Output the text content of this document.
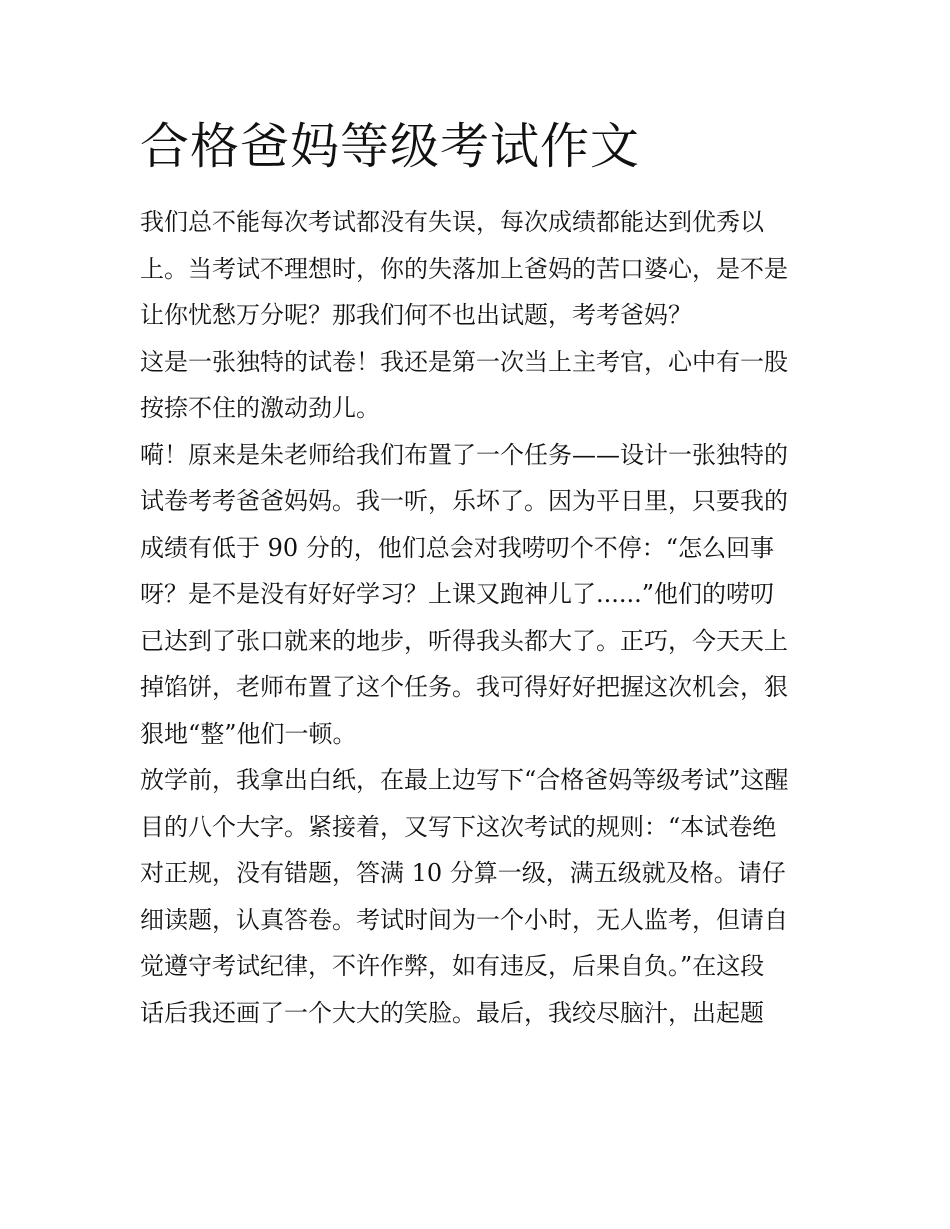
合格爸妈等级考试作文
我们总不能每次考试都没有失误，每次成绩都能达到优秀以
上。当考试不理想时，你的失落加上爸妈的苦口婆心，是不是
让你忧愁万分呢？那我们何不也出试题，考考爸妈？
这是一张独特的试卷！我还是第一次当上主考官，心中有一股
按捺不住的激动劲儿。
嗬！原来是朱老师给我们布置了一个任务——设计一张独特的
试卷考考爸爸妈妈。我一听，乐坏了。因为平日里，只要我的
成绩有低于 90 分的，他们总会对我唠叨个不停：“怎么回事
呀？是不是没有好好学习？上课又跑神儿了......”他们的唠叨
已达到了张口就来的地步，听得我头都大了。正巧，今天天上
掉馅饼，老师布置了这个任务。我可得好好把握这次机会，狠
狠地“整”他们一顿。
放学前，我拿出白纸，在最上边写下“合格爸妈等级考试”这醒
目的八个大字。紧接着，又写下这次考试的规则：“本试卷绝
对正规，没有错题，答满 10 分算一级，满五级就及格。请仔
细读题，认真答卷。考试时间为一个小时，无人监考，但请自
觉遵守考试纪律，不许作弊，如有违反，后果自负。”在这段
话后我还画了一个大大的笑脸。最后，我绞尽脑汁，出起题
